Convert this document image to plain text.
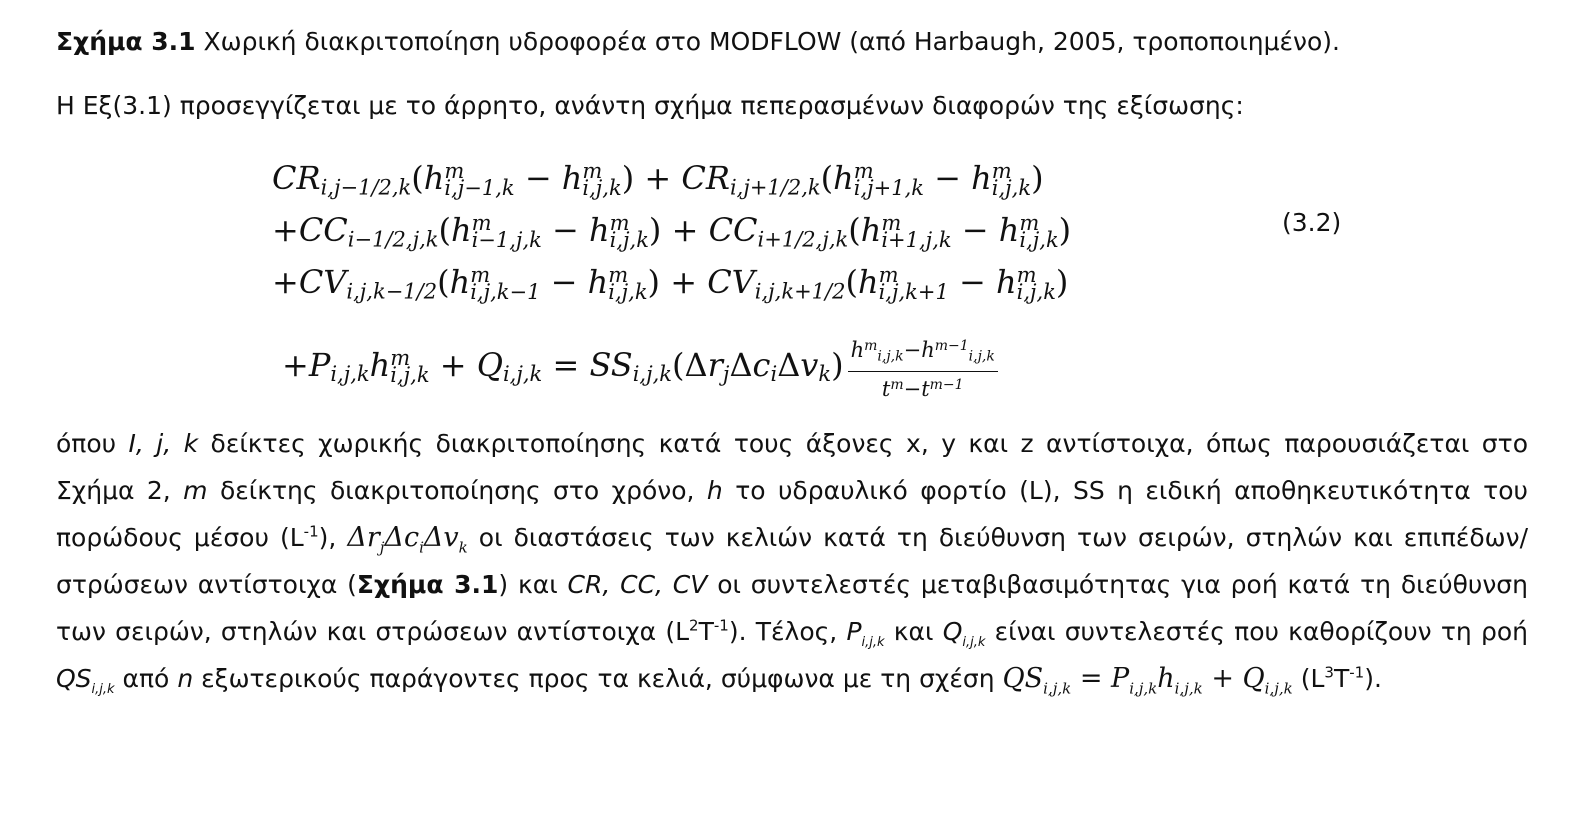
Σχήμα 3.1 Χωρική διακριτοποίηση υδροφορέα στο MODFLOW (από Harbaugh, 2005, τροποποιημένο).
Η Εξ(3.1) προσεγγίζεται με το άρρητο, ανάντη σχήμα πεπερασμένων διαφορών της εξίσωσης:
$CR_{i,j-1/2,k}(h$ m
i,j−1,k − h m
i,j,k ) + $CR_{i,j+1/2,k}(h$ m
i,j+1,k − h m
i,j,k )
$+CC_{i-1/2,j,k}(h$ m
i−1,j,k − h m
i,j,k ) + $CC_{i+1/2,j,k}(h$ m
i+1,j,k − h m
i,j,k )
$+CV_{i,j,k-1/2}(h$ m
i,j,k−1 − h m
i,j,k ) + $CV_{i,j,k+1/2}(h$ m
i,j,k+1 − h m
i,j,k )
$+P_{i,j,k}h$ m
$i,j,k + Q_{i,j,k} = SS_{i,j,k}(\Delta r_j\Delta c_i\Delta v_k) \frac{h^m_{i,j,k}-h^{m-1}_{i,j,k}}{t^m-t^{m-1}}$
(3.2)

όπου I, j, k δείκτες χωρικής διακριτοποίησης κατά τους άξονες x, y και z αντίστοιχα, όπως παρουσιάζεται στο Σχήμα 2, m δείκτης διακριτοποίησης στο χρόνο, h το υδραυλικό φορτίο (L), SS η ειδική αποθηκευτικότητα του πορώδους μέσου $(L^{-1})$, $\Delta r_j\Delta c_i\Delta v_k$ οι διαστάσεις των κελιών κατά τη διεύθυνση των σειρών, στηλών και επιπέδων/στρώσεων αντίστοιχα (Σχήμα 3.1) και CR, CC, CV οι συντελεστές μεταβιβασιμότητας για ροή κατά τη διεύθυνση των σειρών, στηλών και στρώσεων αντίστοιχα $(L^2T^{-1})$. Τέλος, $P_{i,j,k}$ και $Q_{i,j,k}$ είναι συντελεστές που καθορίζουν τη ροή $QS_{i,j,k}$ από n εξωτερικούς παράγοντες προς τα κελιά, σύμφωνα με τη σχέση $QS_{i,j,k} = P_{i,j,k}h_{i,j,k} + Q_{i,j,k}$ $(L^3T^{-1})$.
